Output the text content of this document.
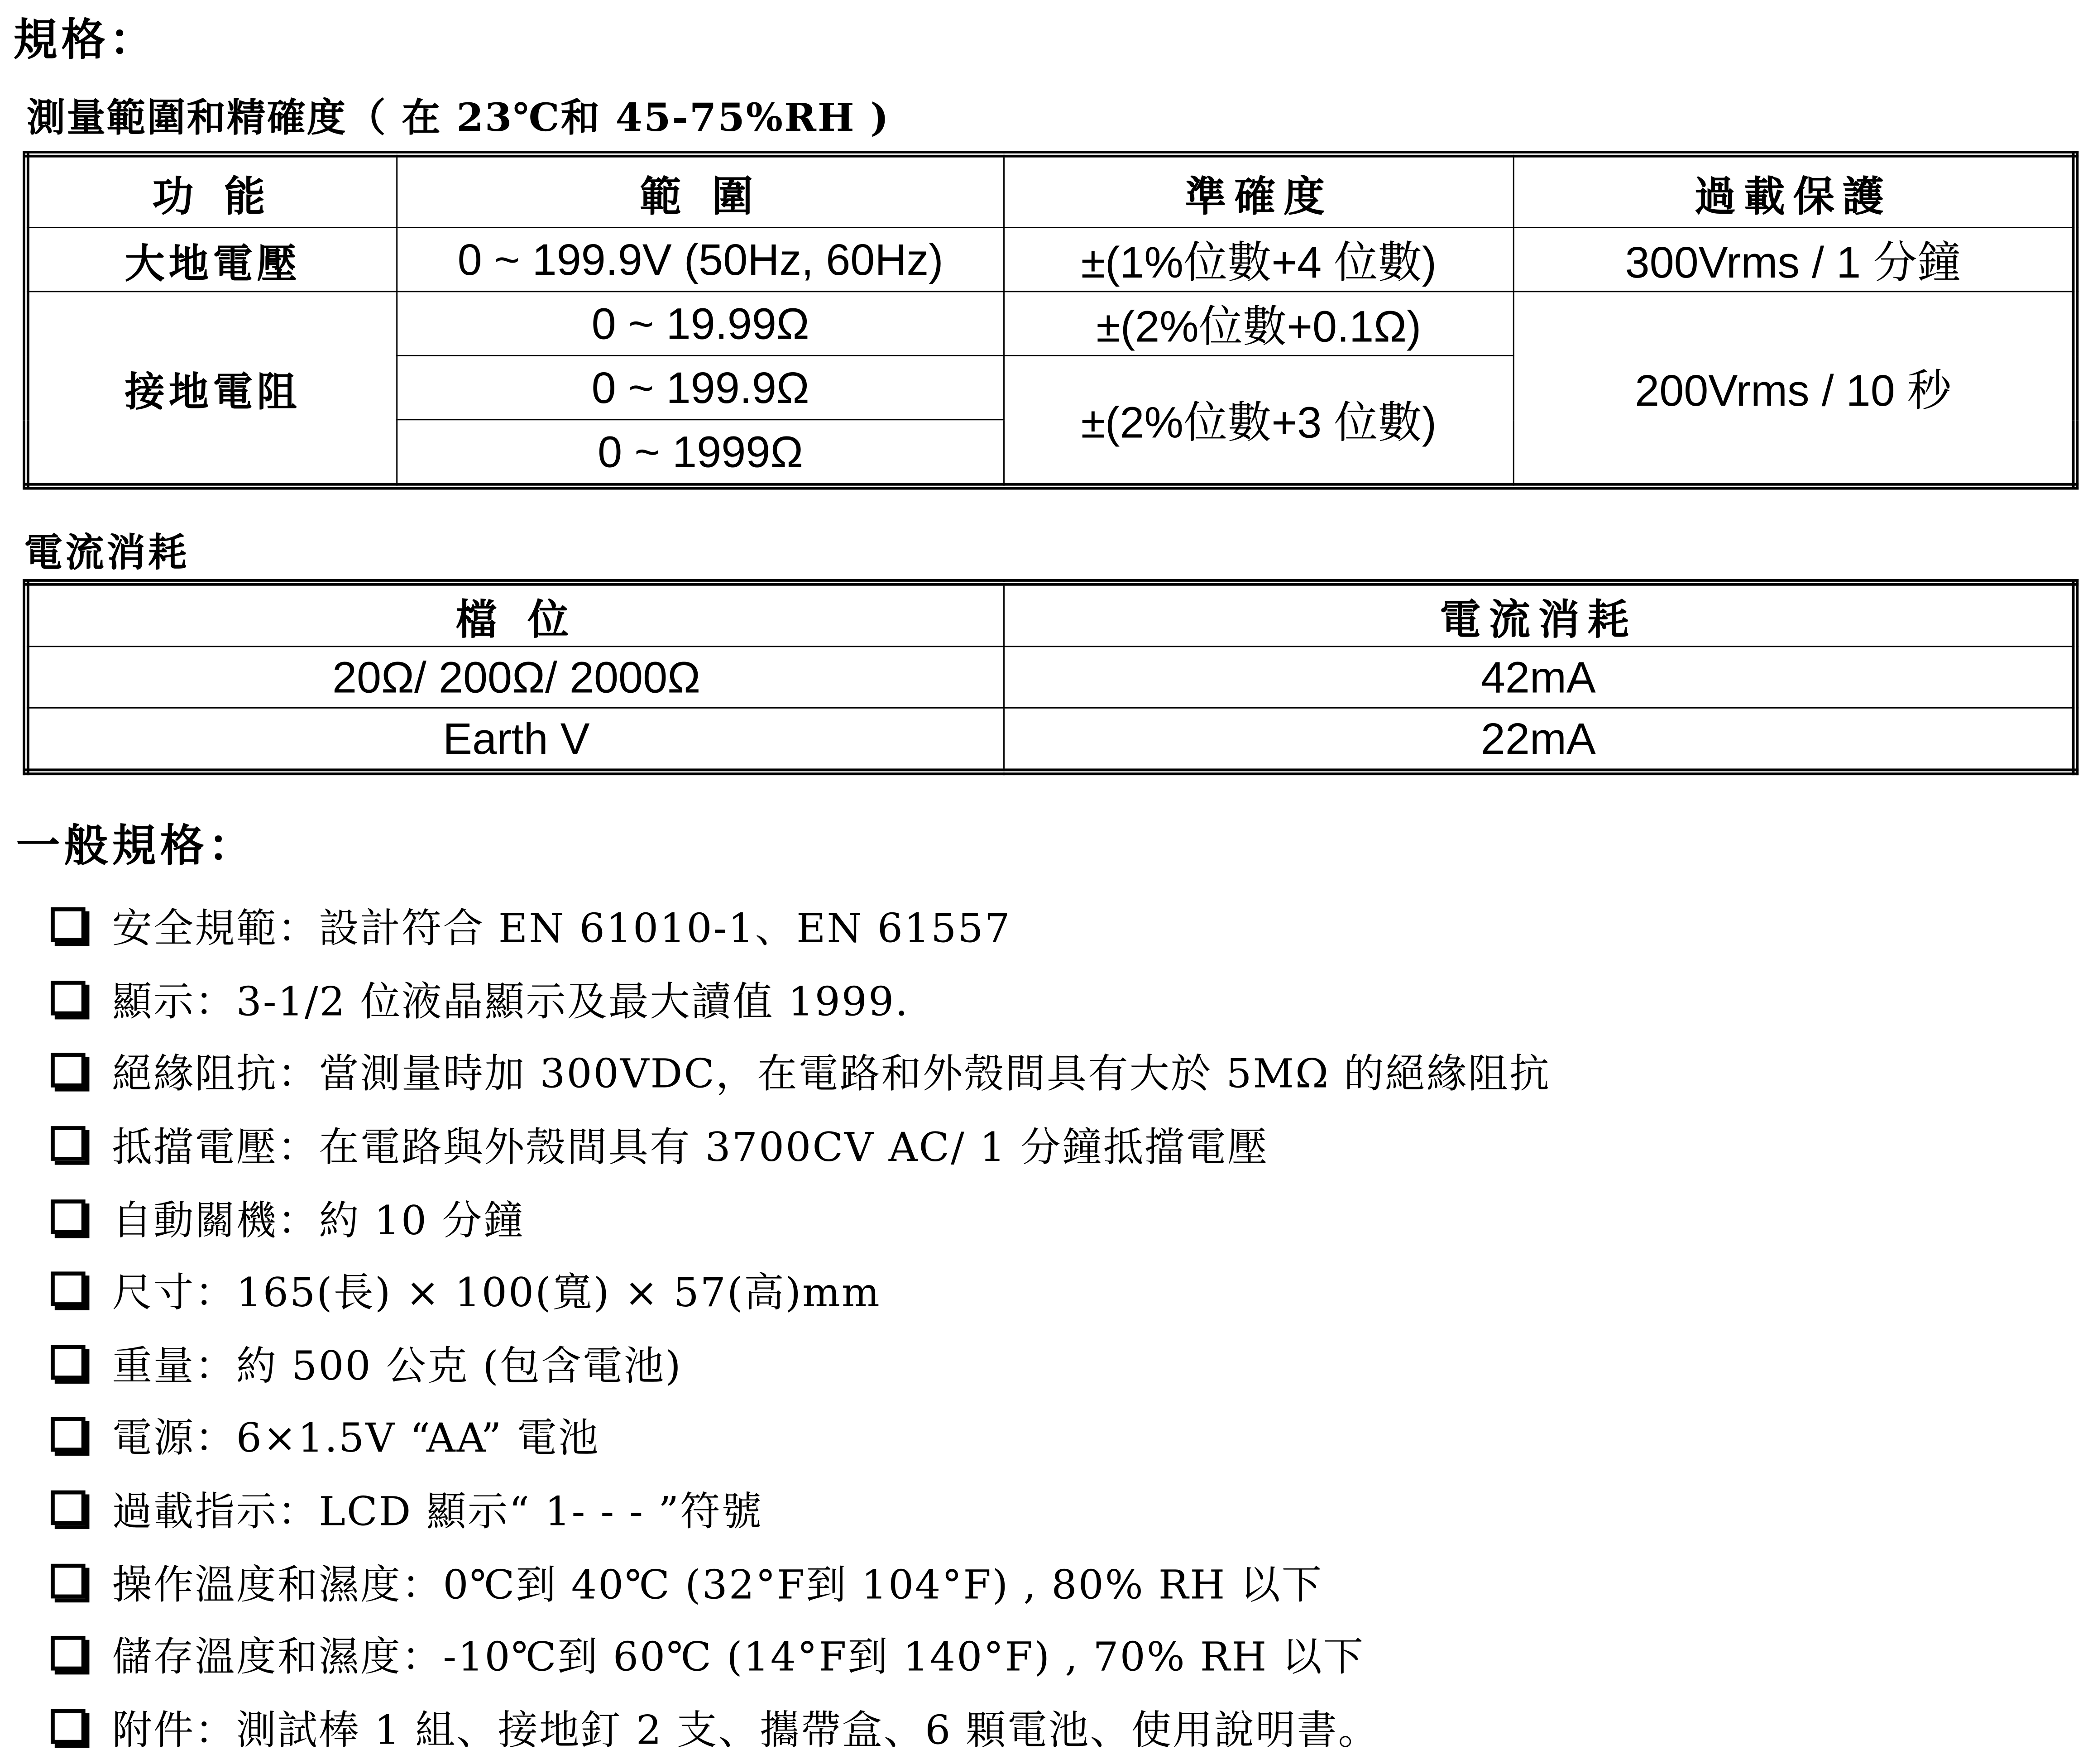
規格：
測量範圍和精確度（ 在 23℃和 45-75%RH )
功 能	範 圍	準確度	過載保護
大地電壓	0 ~ 199.9V (50Hz, 60Hz)	±(1%位數+4 位數)	300Vrms / 1 分鐘
接地電阻	0 ~ 19.99Ω	±(2%位數+0.1Ω)	200Vrms / 10 秒
	0 ~ 199.9Ω	±(2%位數+3 位數)	
	0 ~ 1999Ω		
電流消耗
檔 位	電流消耗
20Ω/ 200Ω/ 2000Ω	42mA
Earth V	22mA
一般規格：
安全規範：設計符合 EN 61010-1、EN 61557
顯示：3-1/2 位液晶顯示及最大讀值 1999.
絕緣阻抗：當測量時加 300VDC，在電路和外殼間具有大於 5MΩ 的絕緣阻抗
抵擋電壓：在電路與外殼間具有 3700CV AC/ 1 分鐘抵擋電壓
自動關機：約 10 分鐘
尺寸：165(長) × 100(寬) × 57(高)mm
重量：約 500 公克 (包含電池)
電源：6×1.5V “AA” 電池
過載指示：LCD 顯示“ 1- - - ”符號
操作溫度和濕度：0℃到 40℃ (32°F到 104°F) , 80% RH 以下
儲存溫度和濕度：-10℃到 60℃ (14°F到 140°F) , 70% RH 以下
附件：測試棒 1 組、接地釘 2 支、攜帶盒、6 顆電池、使用說明書。
